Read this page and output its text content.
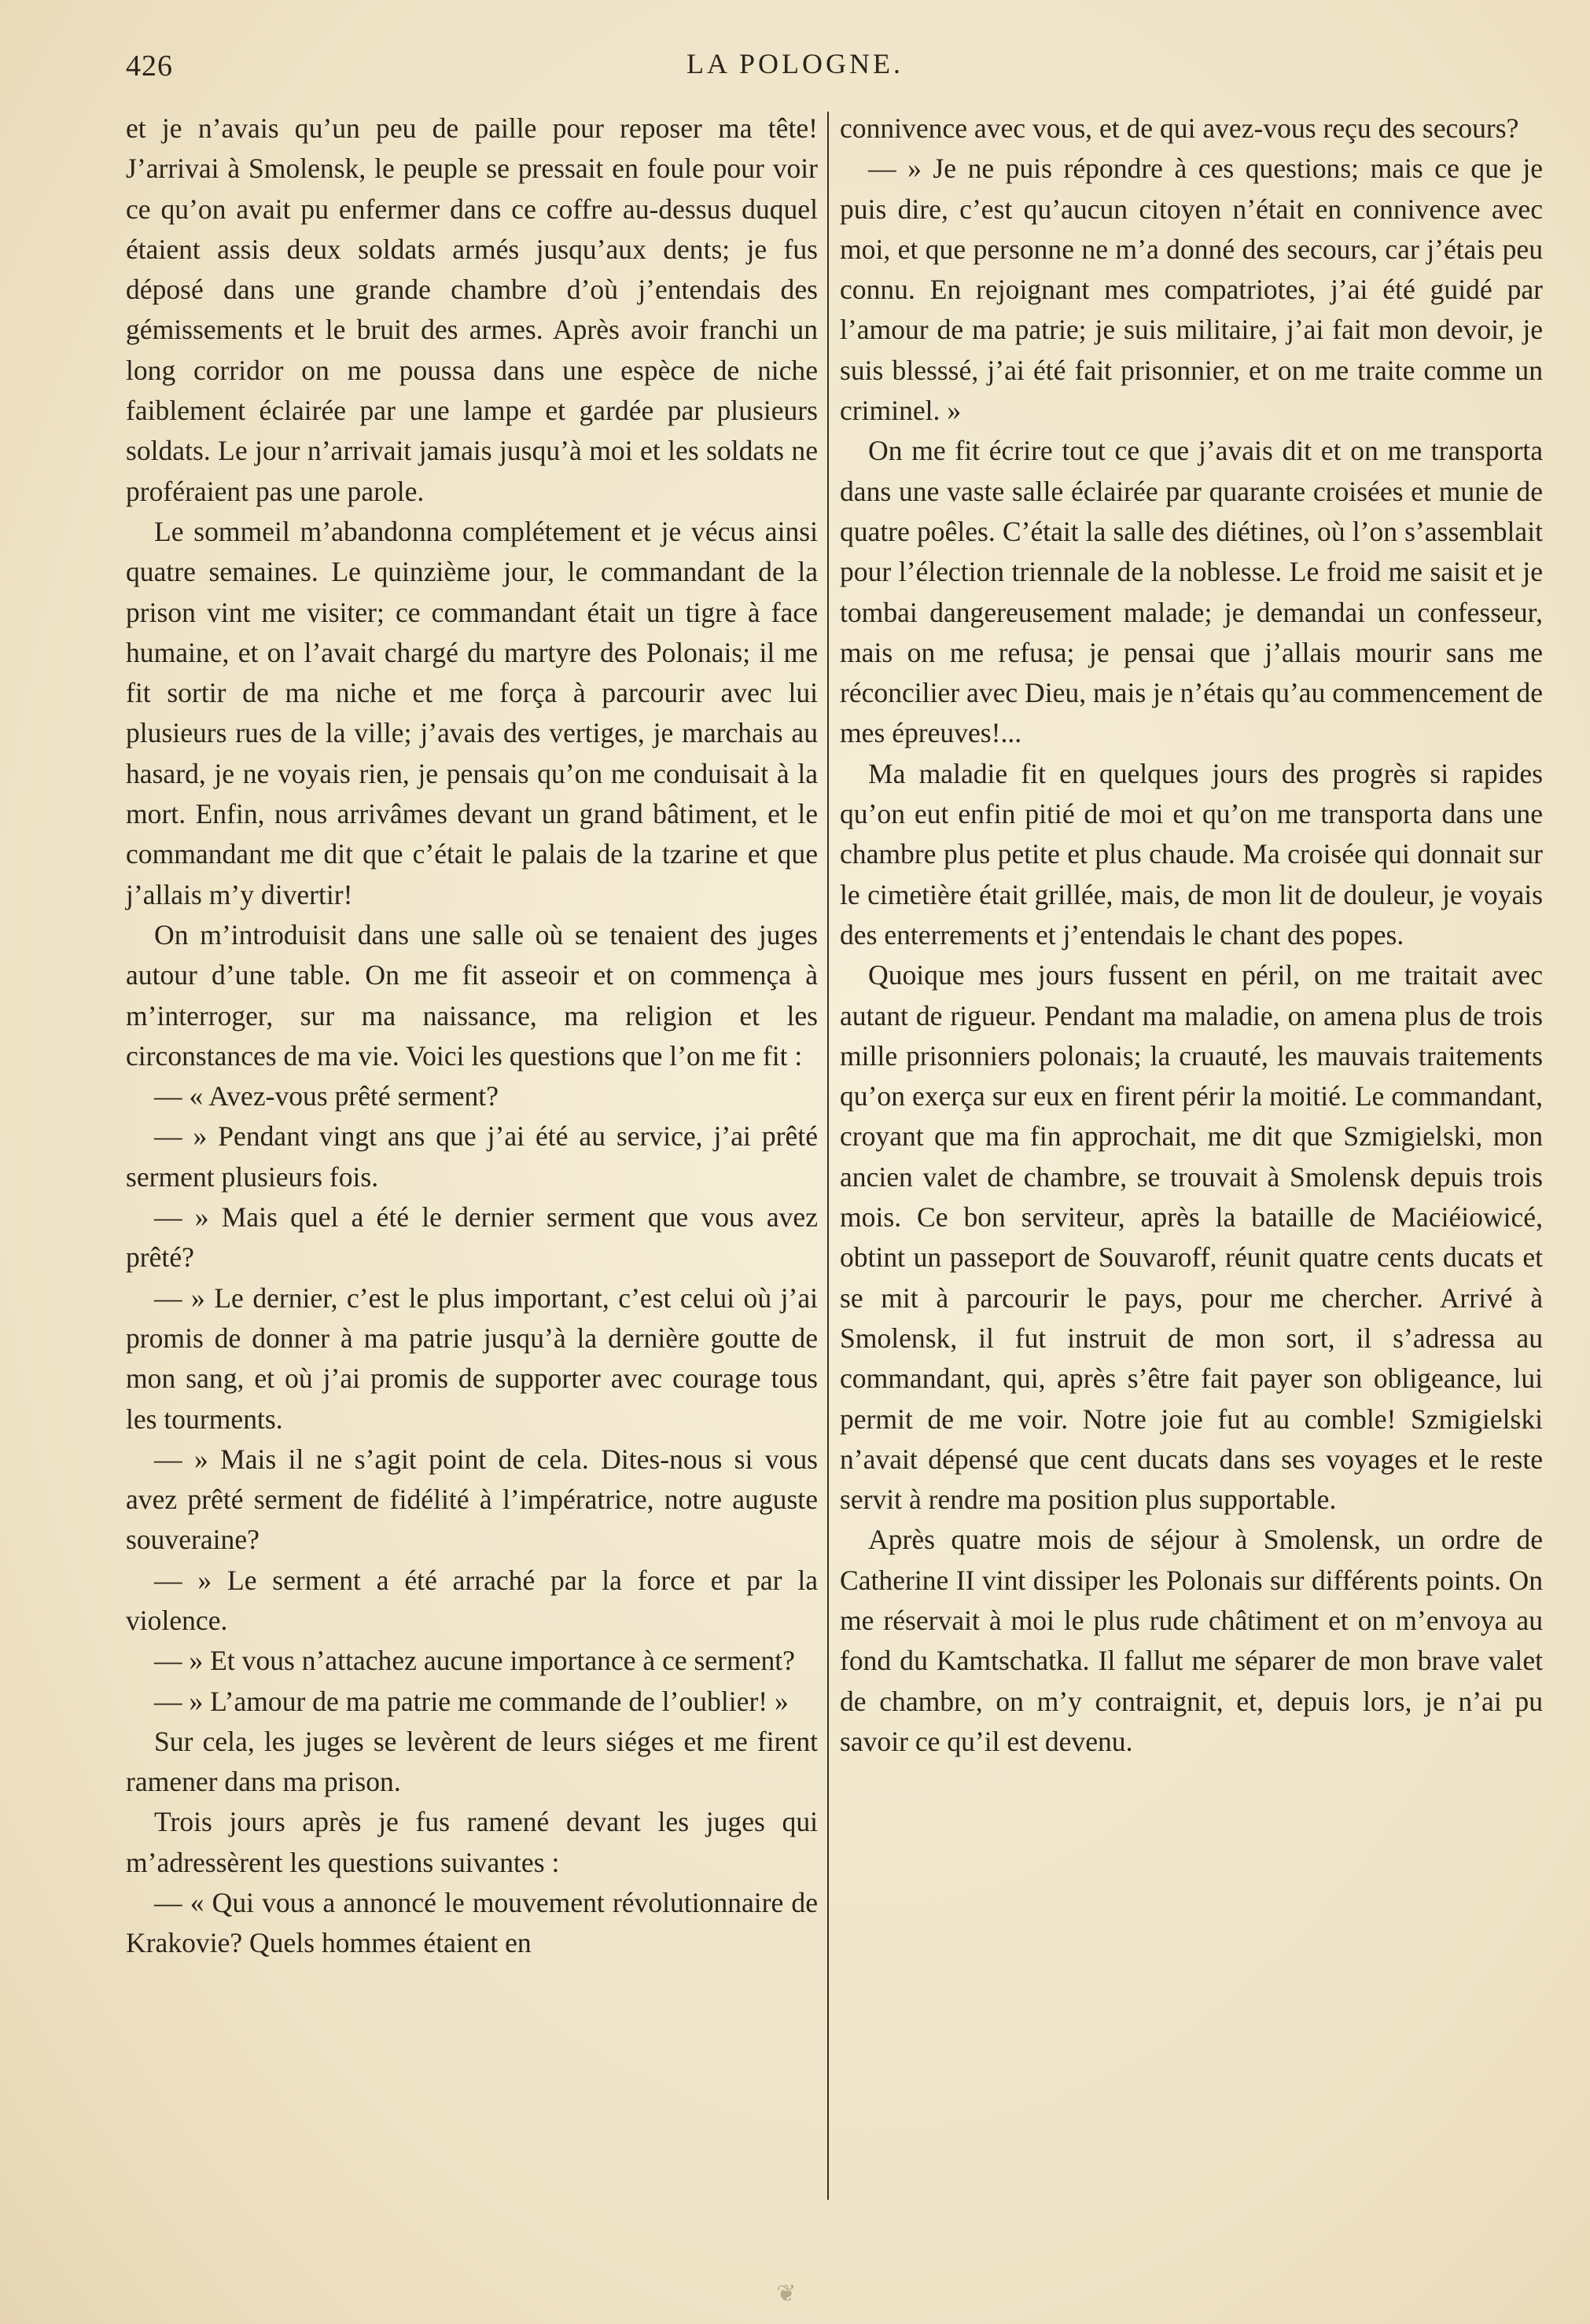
426	LA POLOGNE.

et je n’avais qu’un peu de paille pour reposer ma tête! J’arrivai à Smolensk, le peuple se pressait en foule pour voir ce qu’on avait pu enfermer dans ce coffre au-dessus duquel étaient assis deux soldats armés jusqu’aux dents; je fus déposé dans une grande chambre d’où j’entendais des gémissements et le bruit des armes. Après avoir franchi un long corridor on me poussa dans une espèce de niche faiblement éclairée par une lampe et gardée par plusieurs soldats. Le jour n’arrivait jamais jusqu’à moi et les soldats ne proféraient pas une parole.

Le sommeil m’abandonna complétement et je vécus ainsi quatre semaines. Le quinzième jour, le commandant de la prison vint me visiter; ce commandant était un tigre à face humaine, et on l’avait chargé du martyre des Polonais; il me fit sortir de ma niche et me força à parcourir avec lui plusieurs rues de la ville; j’avais des vertiges, je marchais au hasard, je ne voyais rien, je pensais qu’on me conduisait à la mort. Enfin, nous arrivâmes devant un grand bâtiment, et le commandant me dit que c’était le palais de la tzarine et que j’allais m’y divertir!

On m’introduisit dans une salle où se tenaient des juges autour d’une table. On me fit asseoir et on commença à m’interroger, sur ma naissance, ma religion et les circonstances de ma vie. Voici les questions que l’on me fit :

— « Avez-vous prêté serment?

— » Pendant vingt ans que j’ai été au service, j’ai prêté serment plusieurs fois.

— » Mais quel a été le dernier serment que vous avez prêté?

— » Le dernier, c’est le plus important, c’est celui où j’ai promis de donner à ma patrie jusqu’à la dernière goutte de mon sang, et où j’ai promis de supporter avec courage tous les tourments.

— » Mais il ne s’agit point de cela. Dites-nous si vous avez prêté serment de fidélité à l’impératrice, notre auguste souveraine?

— » Le serment a été arraché par la force et par la violence.

— » Et vous n’attachez aucune importance à ce serment?

— » L’amour de ma patrie me commande de l’oublier! »

Sur cela, les juges se levèrent de leurs siéges et me firent ramener dans ma prison.

Trois jours après je fus ramené devant les juges qui m’adressèrent les questions suivantes :

— « Qui vous a annoncé le mouvement révolutionnaire de Krakovie? Quels hommes étaient en

connivence avec vous, et de qui avez-vous reçu des secours?

— » Je ne puis répondre à ces questions; mais ce que je puis dire, c’est qu’aucun citoyen n’était en connivence avec moi, et que personne ne m’a donné des secours, car j’étais peu connu. En rejoignant mes compatriotes, j’ai été guidé par l’amour de ma patrie; je suis militaire, j’ai fait mon devoir, je suis blesssé, j’ai été fait prisonnier, et on me traite comme un criminel. »

On me fit écrire tout ce que j’avais dit et on me transporta dans une vaste salle éclairée par quarante croisées et munie de quatre poêles. C’était la salle des diétines, où l’on s’assemblait pour l’élection triennale de la noblesse. Le froid me saisit et je tombai dangereusement malade; je demandai un confesseur, mais on me refusa; je pensai que j’allais mourir sans me réconcilier avec Dieu, mais je n’étais qu’au commencement de mes épreuves!...

Ma maladie fit en quelques jours des progrès si rapides qu’on eut enfin pitié de moi et qu’on me transporta dans une chambre plus petite et plus chaude. Ma croisée qui donnait sur le cimetière était grillée, mais, de mon lit de douleur, je voyais des enterrements et j’entendais le chant des popes.

Quoique mes jours fussent en péril, on me traitait avec autant de rigueur. Pendant ma maladie, on amena plus de trois mille prisonniers polonais; la cruauté, les mauvais traitements qu’on exerça sur eux en firent périr la moitié. Le commandant, croyant que ma fin approchait, me dit que Szmigielski, mon ancien valet de chambre, se trouvait à Smolensk depuis trois mois. Ce bon serviteur, après la bataille de Maciéiowicé, obtint un passeport de Souvaroff, réunit quatre cents ducats et se mit à parcourir le pays, pour me chercher. Arrivé à Smolensk, il fut instruit de mon sort, il s’adressa au commandant, qui, après s’être fait payer son obligeance, lui permit de me voir. Notre joie fut au comble! Szmigielski n’avait dépensé que cent ducats dans ses voyages et le reste servit à rendre ma position plus supportable.

Après quatre mois de séjour à Smolensk, un ordre de Catherine II vint dissiper les Polonais sur différents points. On me réservait à moi le plus rude châtiment et on m’envoya au fond du Kamtschatka. Il fallut me séparer de mon brave valet de chambre, on m’y contraignit, et, depuis lors, je n’ai pu savoir ce qu’il est devenu.

❦
